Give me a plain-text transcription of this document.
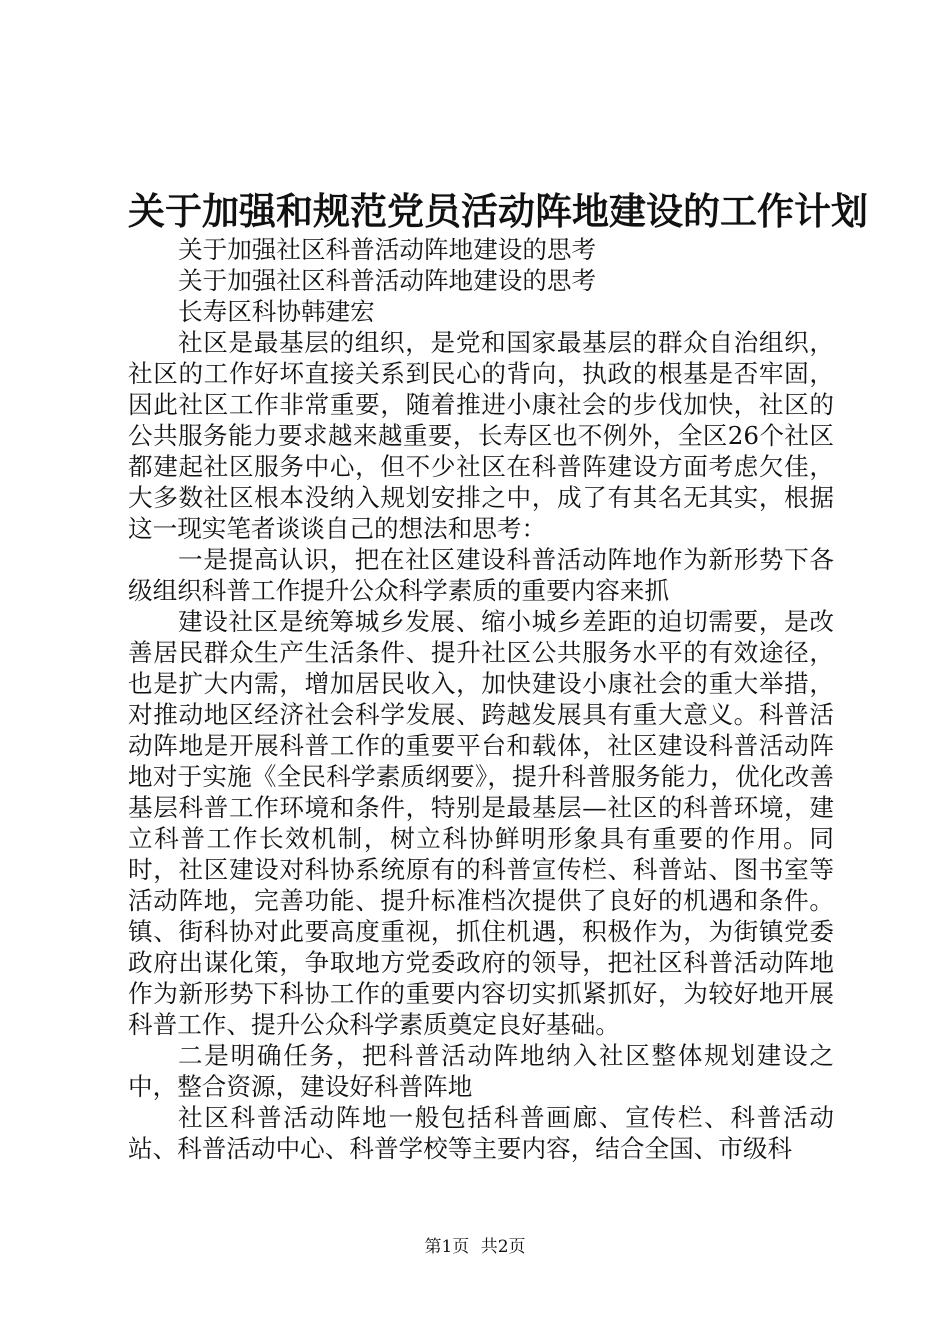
关于加强和规范党员活动阵地建设的工作计划

关于加强社区科普活动阵地建设的思考

关于加强社区科普活动阵地建设的思考

长寿区科协韩建宏

社区是最基层的组织，是党和国家最基层的群众自治组织，社区的工作好坏直接关系到民心的背向，执政的根基是否牢固，因此社区工作非常重要，随着推进小康社会的步伐加快，社区的公共服务能力要求越来越重要，长寿区也不例外，全区26个社区都建起社区服务中心，但不少社区在科普阵建设方面考虑欠佳，大多数社区根本没纳入规划安排之中，成了有其名无其实，根据这一现实笔者谈谈自己的想法和思考：

一是提高认识，把在社区建设科普活动阵地作为新形势下各级组织科普工作提升公众科学素质的重要内容来抓

建设社区是统筹城乡发展、缩小城乡差距的迫切需要，是改善居民群众生产生活条件、提升社区公共服务水平的有效途径，也是扩大内需，增加居民收入，加快建设小康社会的重大举措，对推动地区经济社会科学发展、跨越发展具有重大意义。科普活动阵地是开展科普工作的重要平台和载体，社区建设科普活动阵地对于实施《全民科学素质纲要》，提升科普服务能力，优化改善基层科普工作环境和条件，特别是最基层—社区的科普环境，建立科普工作长效机制，树立科协鲜明形象具有重要的作用。同时，社区建设对科协系统原有的科普宣传栏、科普站、图书室等活动阵地，完善功能、提升标准档次提供了良好的机遇和条件。镇、街科协对此要高度重视，抓住机遇，积极作为，为街镇党委政府出谋化策，争取地方党委政府的领导，把社区科普活动阵地作为新形势下科协工作的重要内容切实抓紧抓好，为较好地开展科普工作、提升公众科学素质奠定良好基础。

二是明确任务，把科普活动阵地纳入社区整体规划建设之中，整合资源，建设好科普阵地

社区科普活动阵地一般包括科普画廊、宣传栏、科普活动站、科普活动中心、科普学校等主要内容，结合全国、市级科

第1页 共2页
